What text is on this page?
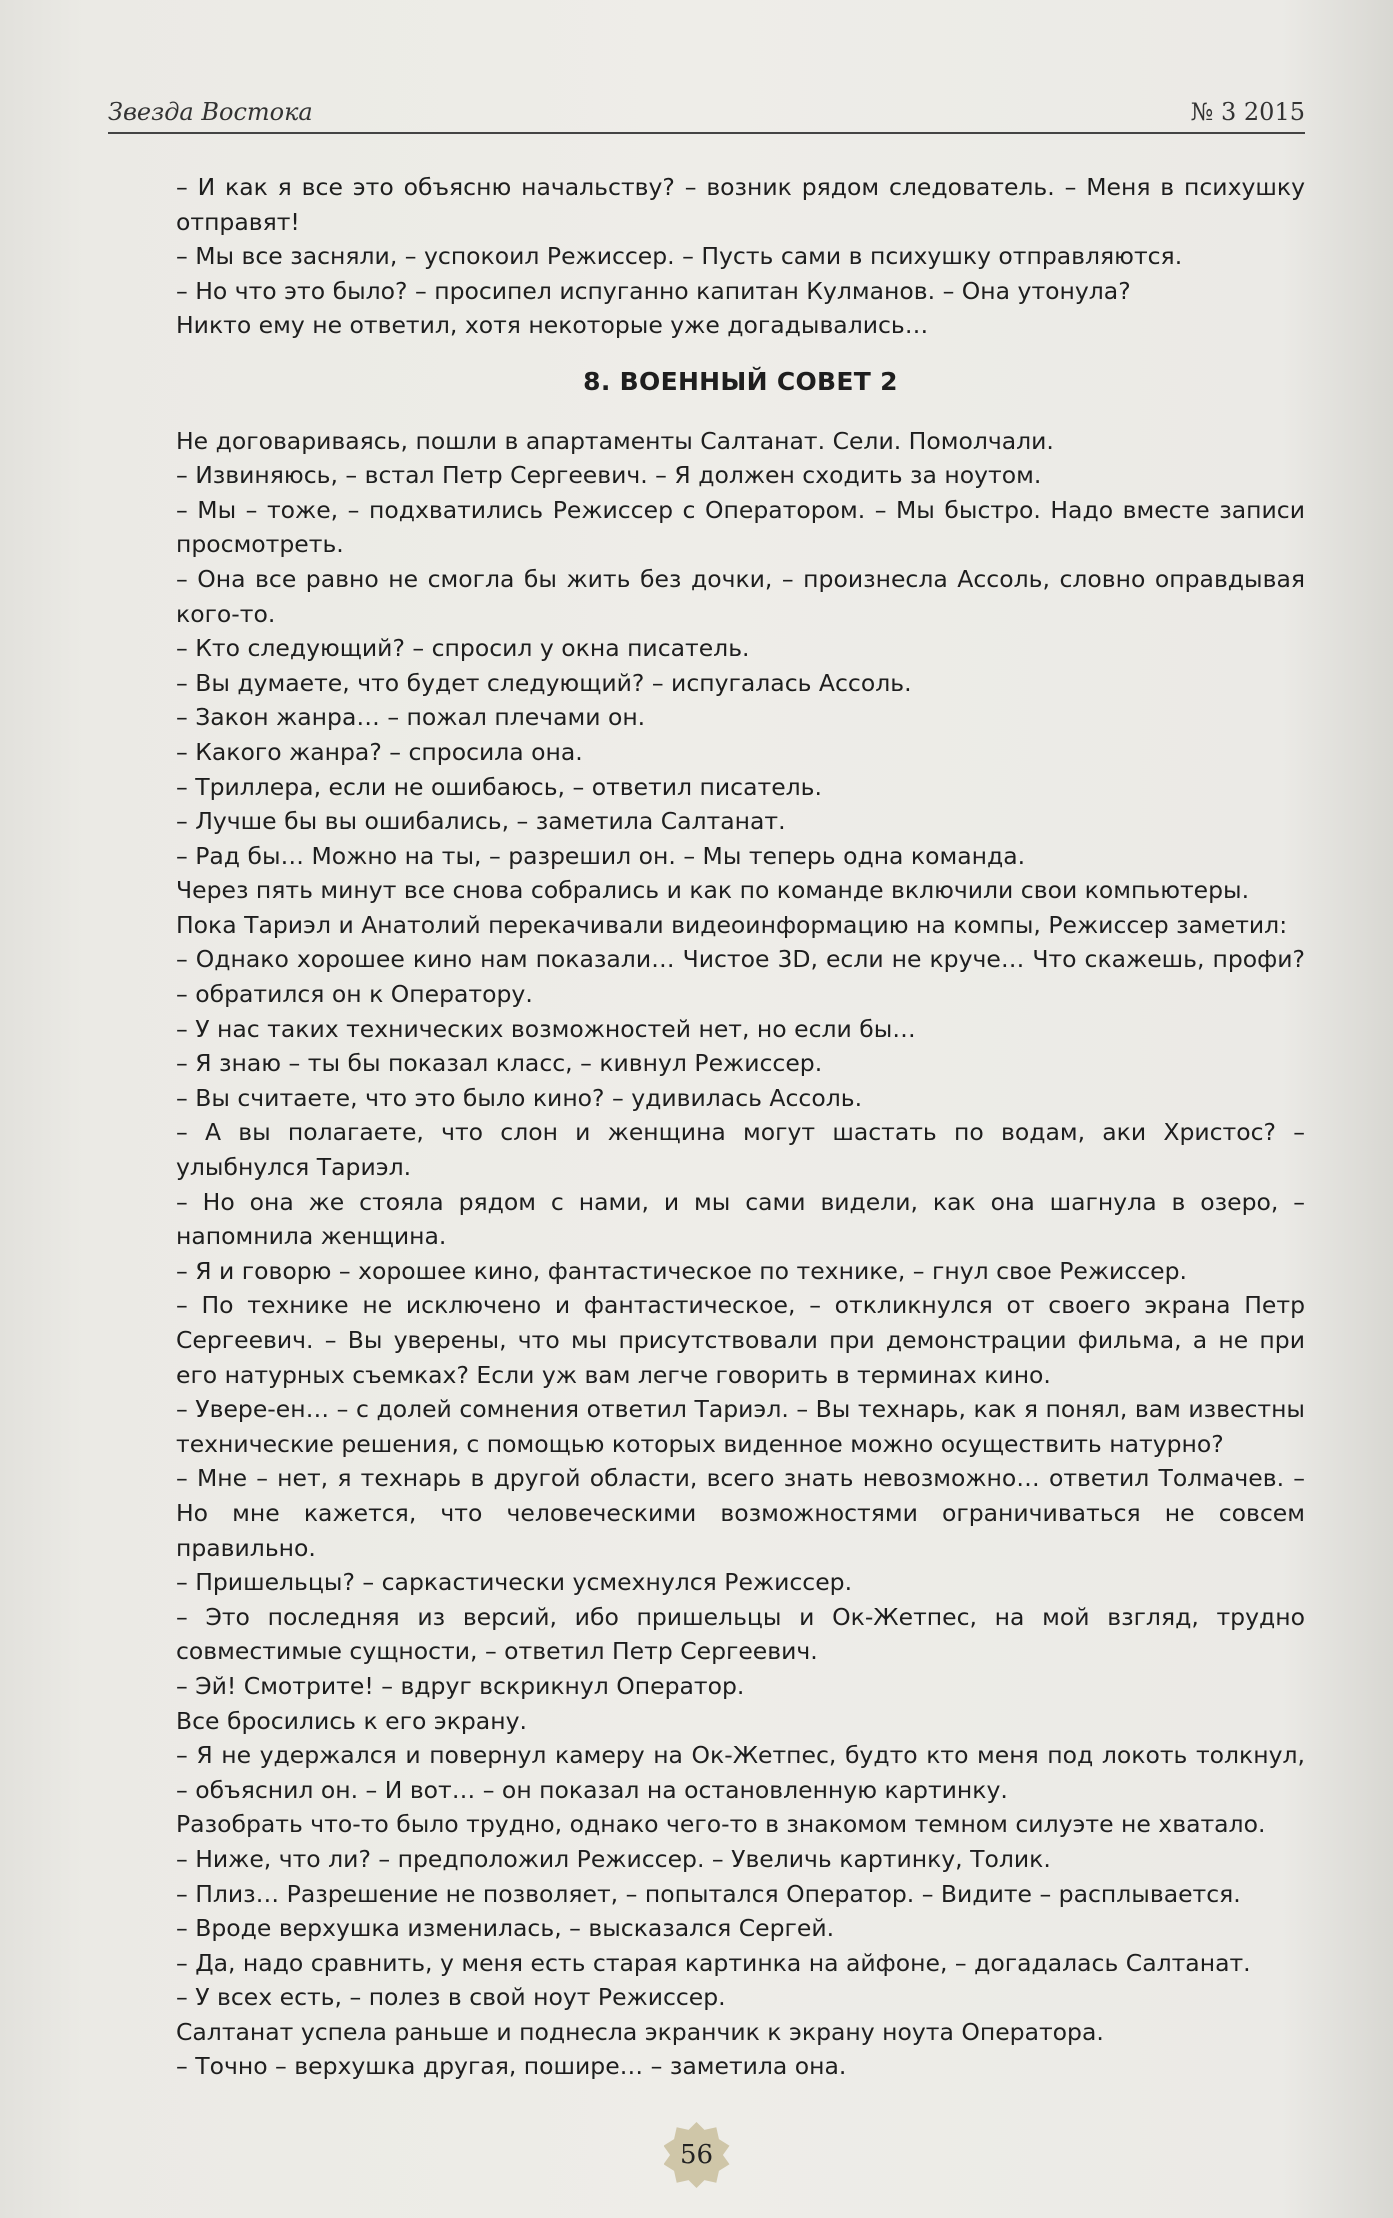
Звезда Востока	№ 3 2015

– И как я все это объясню начальству? – возник рядом следователь. – Меня в психушку отправят!

– Мы все засняли, – успокоил Режиссер. – Пусть сами в психушку отправляются.

– Но что это было? – просипел испуганно капитан Кулманов. – Она утонула?

Никто ему не ответил, хотя некоторые уже догадывались…

8. ВОЕННЫЙ СОВЕТ 2

Не договариваясь, пошли в апартаменты Салтанат. Сели. Помолчали.

– Извиняюсь, – встал Петр Сергеевич. – Я должен сходить за ноутом.

– Мы – тоже, – подхватились Режиссер с Оператором. – Мы быстро. Надо вместе записи просмотреть.

– Она все равно не смогла бы жить без дочки, – произнесла Ассоль, словно оправдывая кого-то.

– Кто следующий? – спросил у окна писатель.

– Вы думаете, что будет следующий? – испугалась Ассоль.

– Закон жанра… – пожал плечами он.

– Какого жанра? – спросила она.

– Триллера, если не ошибаюсь, – ответил писатель.

– Лучше бы вы ошибались, – заметила Салтанат.

– Рад бы… Можно на ты, – разрешил он. – Мы теперь одна команда.

Через пять минут все снова собрались и как по команде включили свои компьютеры.

Пока Тариэл и Анатолий перекачивали видеоинформацию на компы, Режиссер заметил:

– Однако хорошее кино нам показали… Чистое 3D, если не круче… Что скажешь, профи? – обратился он к Оператору.

– У нас таких технических возможностей нет, но если бы…

– Я знаю – ты бы показал класс, – кивнул Режиссер.

– Вы считаете, что это было кино? – удивилась Ассоль.

– А вы полагаете, что слон и женщина могут шастать по водам, аки Христос? – улыбнулся Тариэл.

– Но она же стояла рядом с нами, и мы сами видели, как она шагнула в озеро, – напомнила женщина.

– Я и говорю – хорошее кино, фантастическое по технике, – гнул свое Режиссер.

– По технике не исключено и фантастическое, – откликнулся от своего экрана Петр Сергеевич. – Вы уверены, что мы присутствовали при демонстрации фильма, а не при его натурных съемках? Если уж вам легче говорить в терминах кино.

– Увере-ен… – с долей сомнения ответил Тариэл. – Вы технарь, как я понял, вам известны технические решения, с помощью которых виденное можно осуществить натурно?

– Мне – нет, я технарь в другой области, всего знать невозможно… ответил Толмачев. – Но мне кажется, что человеческими возможностями ограничиваться не совсем правильно.

– Пришельцы? – саркастически усмехнулся Режиссер.

– Это последняя из версий, ибо пришельцы и Ок-Жетпес, на мой взгляд, трудно совместимые сущности, – ответил Петр Сергеевич.

– Эй! Смотрите! – вдруг вскрикнул Оператор.

Все бросились к его экрану.

– Я не удержался и повернул камеру на Ок-Жетпес, будто кто меня под локоть толкнул, – объяснил он. – И вот… – он показал на остановленную картинку.

Разобрать что-то было трудно, однако чего-то в знакомом темном силуэте не хватало.

– Ниже, что ли? – предположил Режиссер. – Увеличь картинку, Толик.

– Плиз… Разрешение не позволяет, – попытался Оператор. – Видите – расплывается.

– Вроде верхушка изменилась, – высказался Сергей.

– Да, надо сравнить, у меня есть старая картинка на айфоне, – догадалась Салтанат.

– У всех есть, – полез в свой ноут Режиссер.

Салтанат успела раньше и поднесла экранчик к экрану ноута Оператора.

– Точно – верхушка другая, пошире… – заметила она.

56
